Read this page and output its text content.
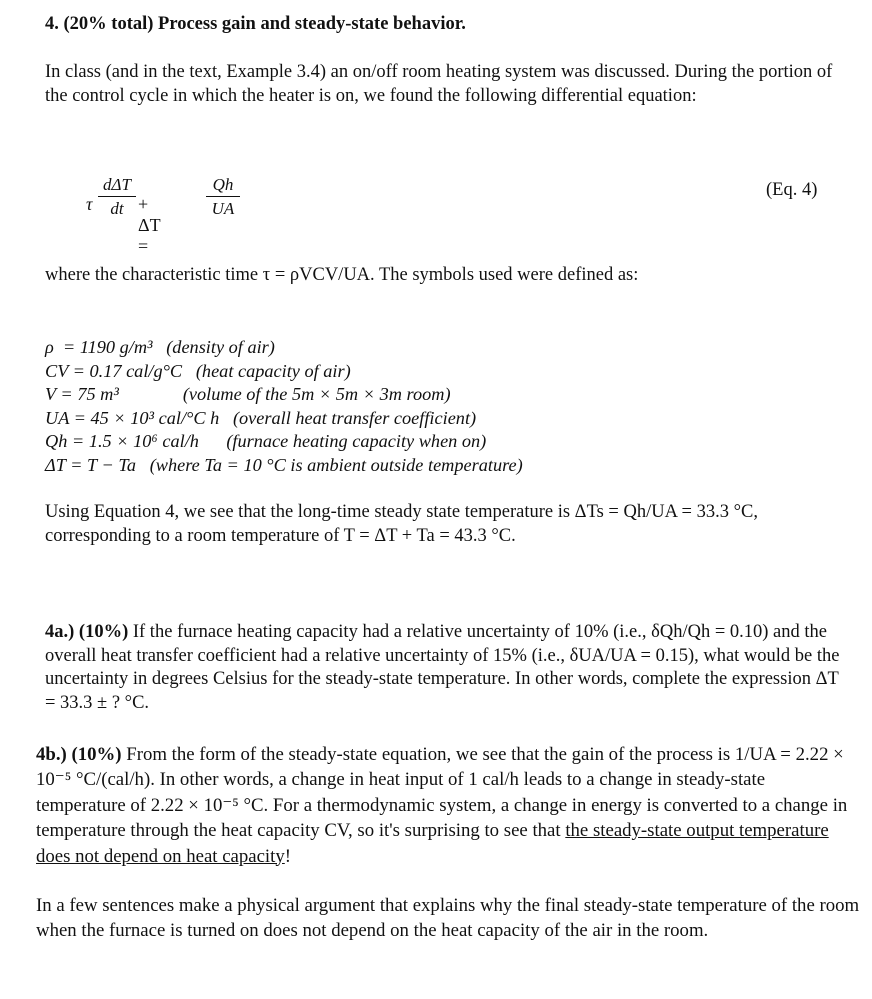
4. (20% total) Process gain and steady-state behavior.
In class (and in the text, Example 3.4) an on/off room heating system was discussed. During the portion of the control cycle in which the heater is on, we found the following differential equation:
τ
dΔT
dt + ΔT =
Qh
UA
(Eq. 4)
where the characteristic time τ = ρVCV/UA. The symbols used were defined as:
ρ  = 1190 g/m³   (density of air)
CV = 0.17 cal/g°C   (heat capacity of air)
V = 75 m³              (volume of the 5m × 5m × 3m room)
UA = 45 × 10³ cal/°C h   (overall heat transfer coefficient)
Qh = 1.5 × 10⁶ cal/h      (furnace heating capacity when on)
ΔT = T − Ta   (where Ta = 10 °C is ambient outside temperature)
Using Equation 4, we see that the long-time steady state temperature is ΔTs = Qh/UA = 33.3 °C, corresponding to a room temperature of T = ΔT + Ta = 43.3 °C.
4a.) (10%) If the furnace heating capacity had a relative uncertainty of 10% (i.e., δQh/Qh = 0.10) and the overall heat transfer coefficient had a relative uncertainty of 15% (i.e., δUA/UA = 0.15), what would be the uncertainty in degrees Celsius for the steady-state temperature. In other words, complete the expression ΔT = 33.3 ± ? °C.
4b.) (10%) From the form of the steady-state equation, we see that the gain of the process is 1/UA = 2.22 × 10⁻⁵ °C/(cal/h). In other words, a change in heat input of 1 cal/h leads to a change in steady-state temperature of 2.22 × 10⁻⁵ °C. For a thermodynamic system, a change in energy is converted to a change in temperature through the heat capacity CV, so it's surprising to see that the steady-state output temperature does not depend on heat capacity!
In a few sentences make a physical argument that explains why the final steady-state temperature of the room when the furnace is turned on does not depend on the heat capacity of the air in the room.
